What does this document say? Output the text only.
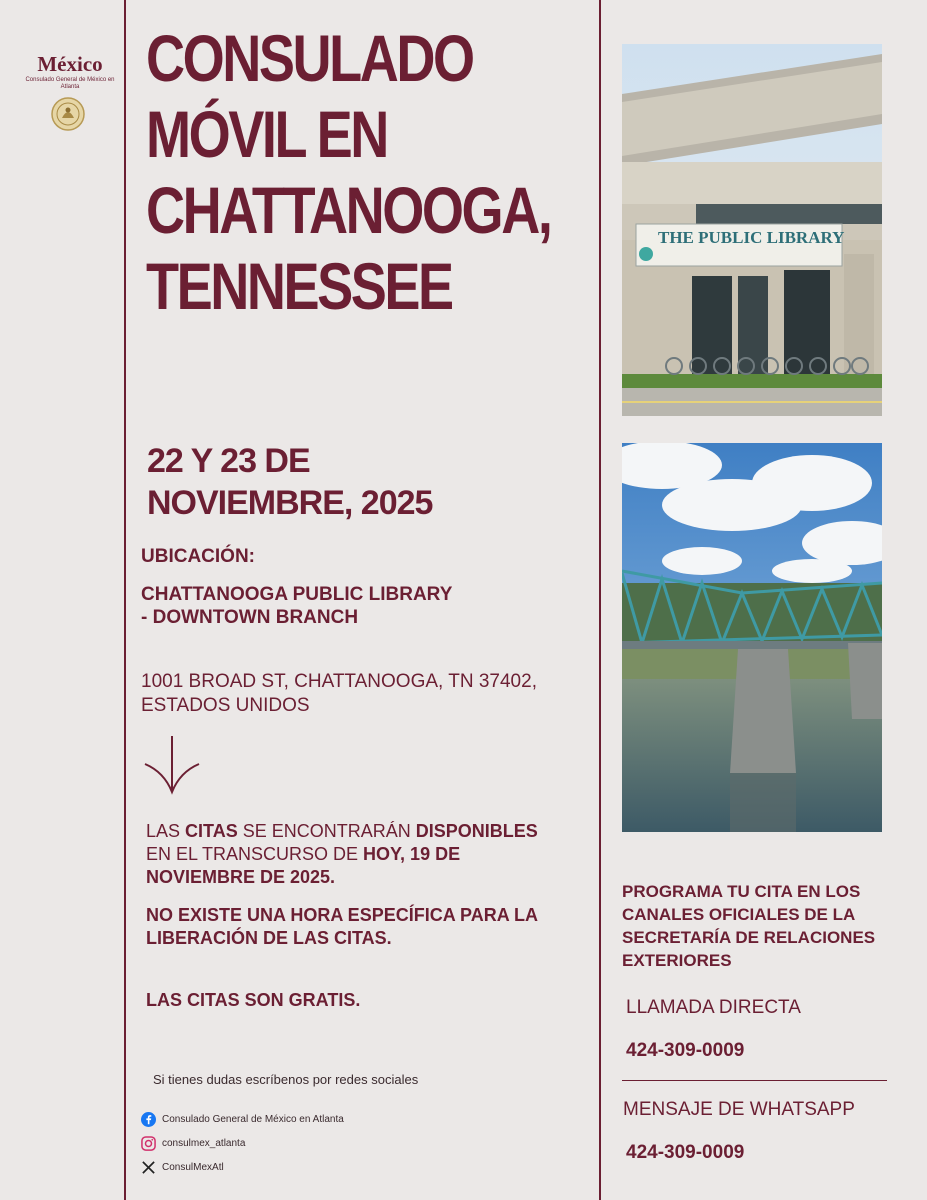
México
Consulado General de México en Atlanta	CONSULADO
MÓVIL EN
CHATTANOOGA,
TENNESSEE
22 Y 23 DE
NOVIEMBRE, 2025
UBICACIÓN:
CHATTANOOGA PUBLIC LIBRARY - DOWNTOWN BRANCH
1001 BROAD ST, CHATTANOOGA, TN 37402, ESTADOS UNIDOS
LAS CITAS SE ENCONTRARÁN DISPONIBLES EN EL TRANSCURSO DE HOY, 19 DE NOVIEMBRE DE 2025.
NO EXISTE UNA HORA ESPECÍFICA PARA LA LIBERACIÓN DE LAS CITAS.
LAS CITAS SON GRATIS.
Si tienes dudas escríbenos por redes sociales
Consulado General de México en Atlanta
consulmex_atlanta
ConsulMexAtl
THE PUBLIC LIBRARY
PROGRAMA TU CITA EN LOS CANALES OFICIALES DE LA SECRETARÍA DE RELACIONES EXTERIORES
LLAMADA DIRECTA
424-309-0009
MENSAJE DE WHATSAPP
424-309-0009
